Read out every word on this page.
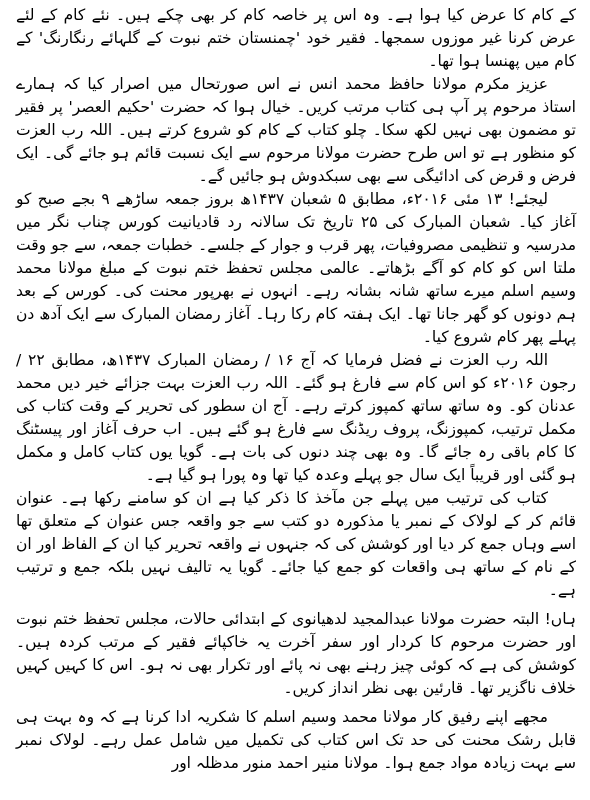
کے کام کا عرض کیا ہوا ہے۔ وہ اس پر خاصہ کام کر بھی چکے ہیں۔ نئے کام کے لئے عرض کرنا غیر موزوں سمجھا۔ فقیر خود 'چمنستان ختم نبوت کے گلہائے رنگارنگ' کے کام میں پھنسا ہوا تھا۔

عزیز مکرم مولانا حافظ محمد انس نے اس صورتحال میں اصرار کیا کہ ہمارے استاذ مرحوم پر آپ ہی کتاب مرتب کریں۔ خیال ہوا کہ حضرت 'حکیم العصر' پر فقیر تو مضمون بھی نہیں لکھ سکا۔ چلو کتاب کے کام کو شروع کرتے ہیں۔ اللہ رب العزت کو منظور ہے تو اس طرح حضرت مولانا مرحوم سے ایک نسبت قائم ہو جائے گی۔ ایک فرض و قرض کی ادائیگی سے بھی سبکدوش ہو جائیں گے۔

لیجئے! ۱۳ مئی ۲۰۱۶ء، مطابق ۵ شعبان ۱۴۳۷ھ بروز جمعہ ساڑھے ۹ بجے صبح کو آغاز کیا۔ شعبان المبارک کی ۲۵ تاریخ تک سالانہ رد قادیانیت کورس چناب نگر میں مدرسیہ و تنظیمی مصروفیات، پھر قرب و جوار کے جلسے۔ خطبات جمعہ، سے جو وقت ملتا اس کو کام کو آگے بڑھاتے۔ عالمی مجلس تحفظ ختم نبوت کے مبلغ مولانا محمد وسیم اسلم میرے ساتھ شانہ بشانہ رہے۔ انہوں نے بھرپور محنت کی۔ کورس کے بعد ہم دونوں کو گھر جانا تھا۔ ایک ہفتہ کام رکا رہا۔ آغاز رمضان المبارک سے ایک آدھ دن پہلے پھر کام شروع کیا۔

اللہ رب العزت نے فضل فرمایا کہ آج ۱۶ / رمضان المبارک ۱۴۳۷ھ، مطابق ۲۲ / رجون ۲۰۱۶ء کو اس کام سے فارغ ہو گئے۔ اللہ رب العزت بہت جزائے خیر دیں محمد عدنان کو۔ وہ ساتھ ساتھ کمپوز کرتے رہے۔ آج ان سطور کی تحریر کے وقت کتاب کی مکمل ترتیب، کمپوزنگ، پروف ریڈنگ سے فارغ ہو گئے ہیں۔ اب حرف آغاز اور پیسٹنگ کا کام باقی رہ جائے گا۔ وہ بھی چند دنوں کی بات ہے۔ گویا یوں کتاب کامل و مکمل ہو گئی اور قریباً ایک سال جو پہلے وعدہ کیا تھا وہ پورا ہو گیا ہے۔

کتاب کی ترتیب میں پہلے جن مآخذ کا ذکر کیا ہے ان کو سامنے رکھا ہے۔ عنوان قائم کر کے لولاک کے نمبر یا مذکورہ دو کتب سے جو واقعہ جس عنوان کے متعلق تھا اسے وہاں جمع کر دیا اور کوشش کی کہ جنہوں نے واقعہ تحریر کیا ان کے الفاظ اور ان کے نام کے ساتھ ہی واقعات کو جمع کیا جائے۔ گویا یہ تالیف نہیں بلکہ جمع و ترتیب ہے۔

ہاں! البتہ حضرت مولانا عبدالمجید لدھیانوی کے ابتدائی حالات، مجلس تحفظ ختم نبوت اور حضرت مرحوم کا کردار اور سفر آخرت یہ خاکپائے فقیر کے مرتب کردہ ہیں۔ کوشش کی ہے کہ کوئی چیز رہنے بھی نہ پائے اور تکرار بھی نہ ہو۔ اس کا کہیں کہیں خلاف ناگزیر تھا۔ قارئین بھی نظر انداز کریں۔

مجھے اپنے رفیق کار مولانا محمد وسیم اسلم کا شکریہ ادا کرنا ہے کہ وہ بہت ہی قابل رشک محنت کی حد تک اس کتاب کی تکمیل میں شامل عمل رہے۔ لولاک نمبر سے بہت زیادہ مواد جمع ہوا۔ مولانا منیر احمد منور مدظلہ اور
